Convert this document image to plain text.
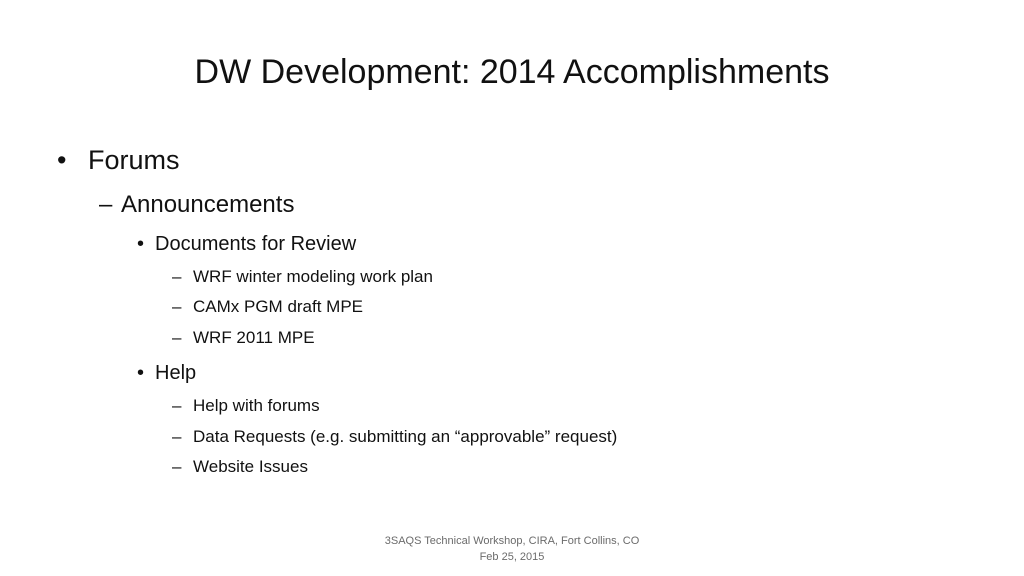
DW Development: 2014 Accomplishments
• Forums
– Announcements
• Documents for Review
– WRF winter modeling work plan
– CAMx PGM draft MPE
– WRF 2011 MPE
• Help
– Help with forums
– Data Requests (e.g. submitting an “approvable” request)
– Website Issues
3SAQS Technical Workshop, CIRA, Fort Collins, CO
Feb 25, 2015
